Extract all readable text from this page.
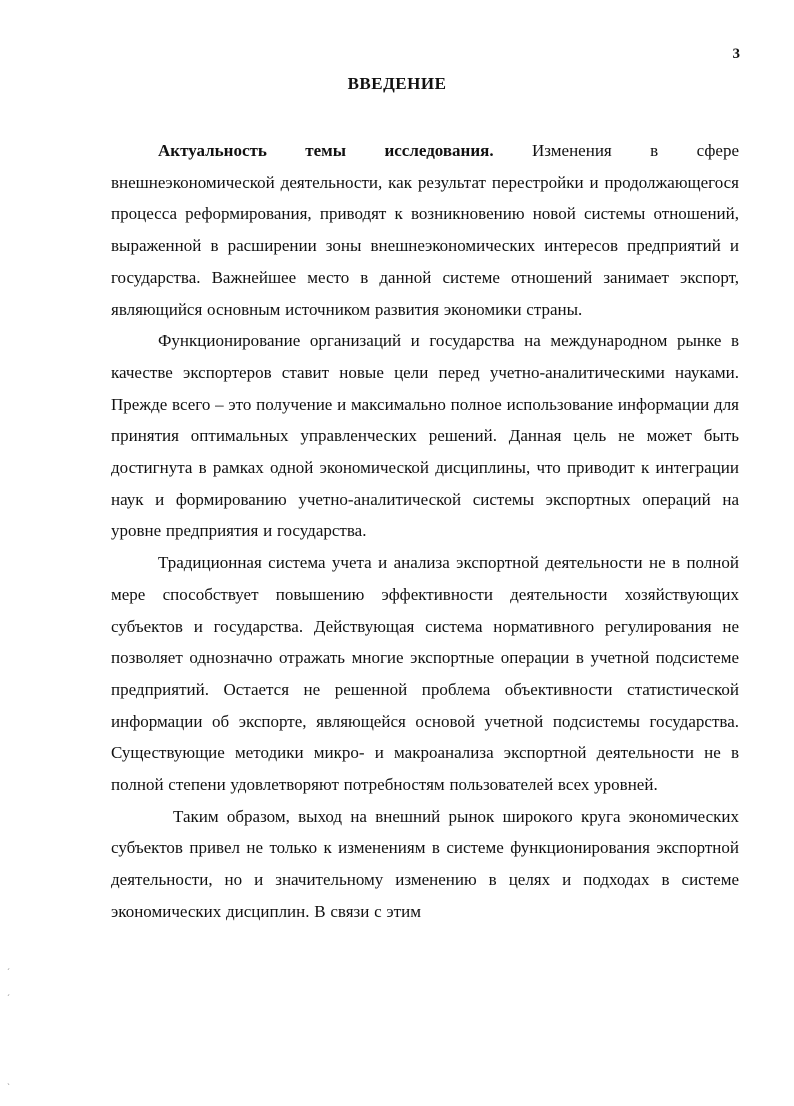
3
ВВЕДЕНИЕ

Актуальность темы исследования. Изменения в сфере внешнеэкономической деятельности, как результат перестройки и продолжающегося процесса реформирования, приводят к возникновению новой системы отношений, выраженной в расширении зоны внешнеэкономических интересов предприятий и государства. Важнейшее место в данной системе отношений занимает экспорт, являющийся основным источником развития экономики страны.

Функционирование организаций и государства на международном рынке в качестве экспортеров ставит новые цели перед учетно-аналитическими науками. Прежде всего – это получение и максимально полное использование информации для принятия оптимальных управленческих решений. Данная цель не может быть достигнута в рамках одной экономической дисциплины, что приводит к интеграции наук и формированию учетно-аналитической системы экспортных операций на уровне предприятия и государства.

Традиционная система учета и анализа экспортной деятельности не в полной мере способствует повышению эффективности деятельности хозяйствующих субъектов и государства. Действующая система нормативного регулирования не позволяет однозначно отражать многие экспортные операции в учетной подсистеме предприятий. Остается не решенной проблема объективности статистической информации об экспорте, являющейся основой учетной подсистемы государства. Существующие методики микро- и макроанализа экспортной деятельности не в полной степени удовлетворяют потребностям пользователей всех уровней.

Таким образом, выход на внешний рынок широкого круга экономических субъектов привел не только к изменениям в системе функционирования экспортной деятельности, но и значительному изменению в целях и подходах в системе экономических дисциплин. В связи с этим

ˊ
ˊ
ˎ
